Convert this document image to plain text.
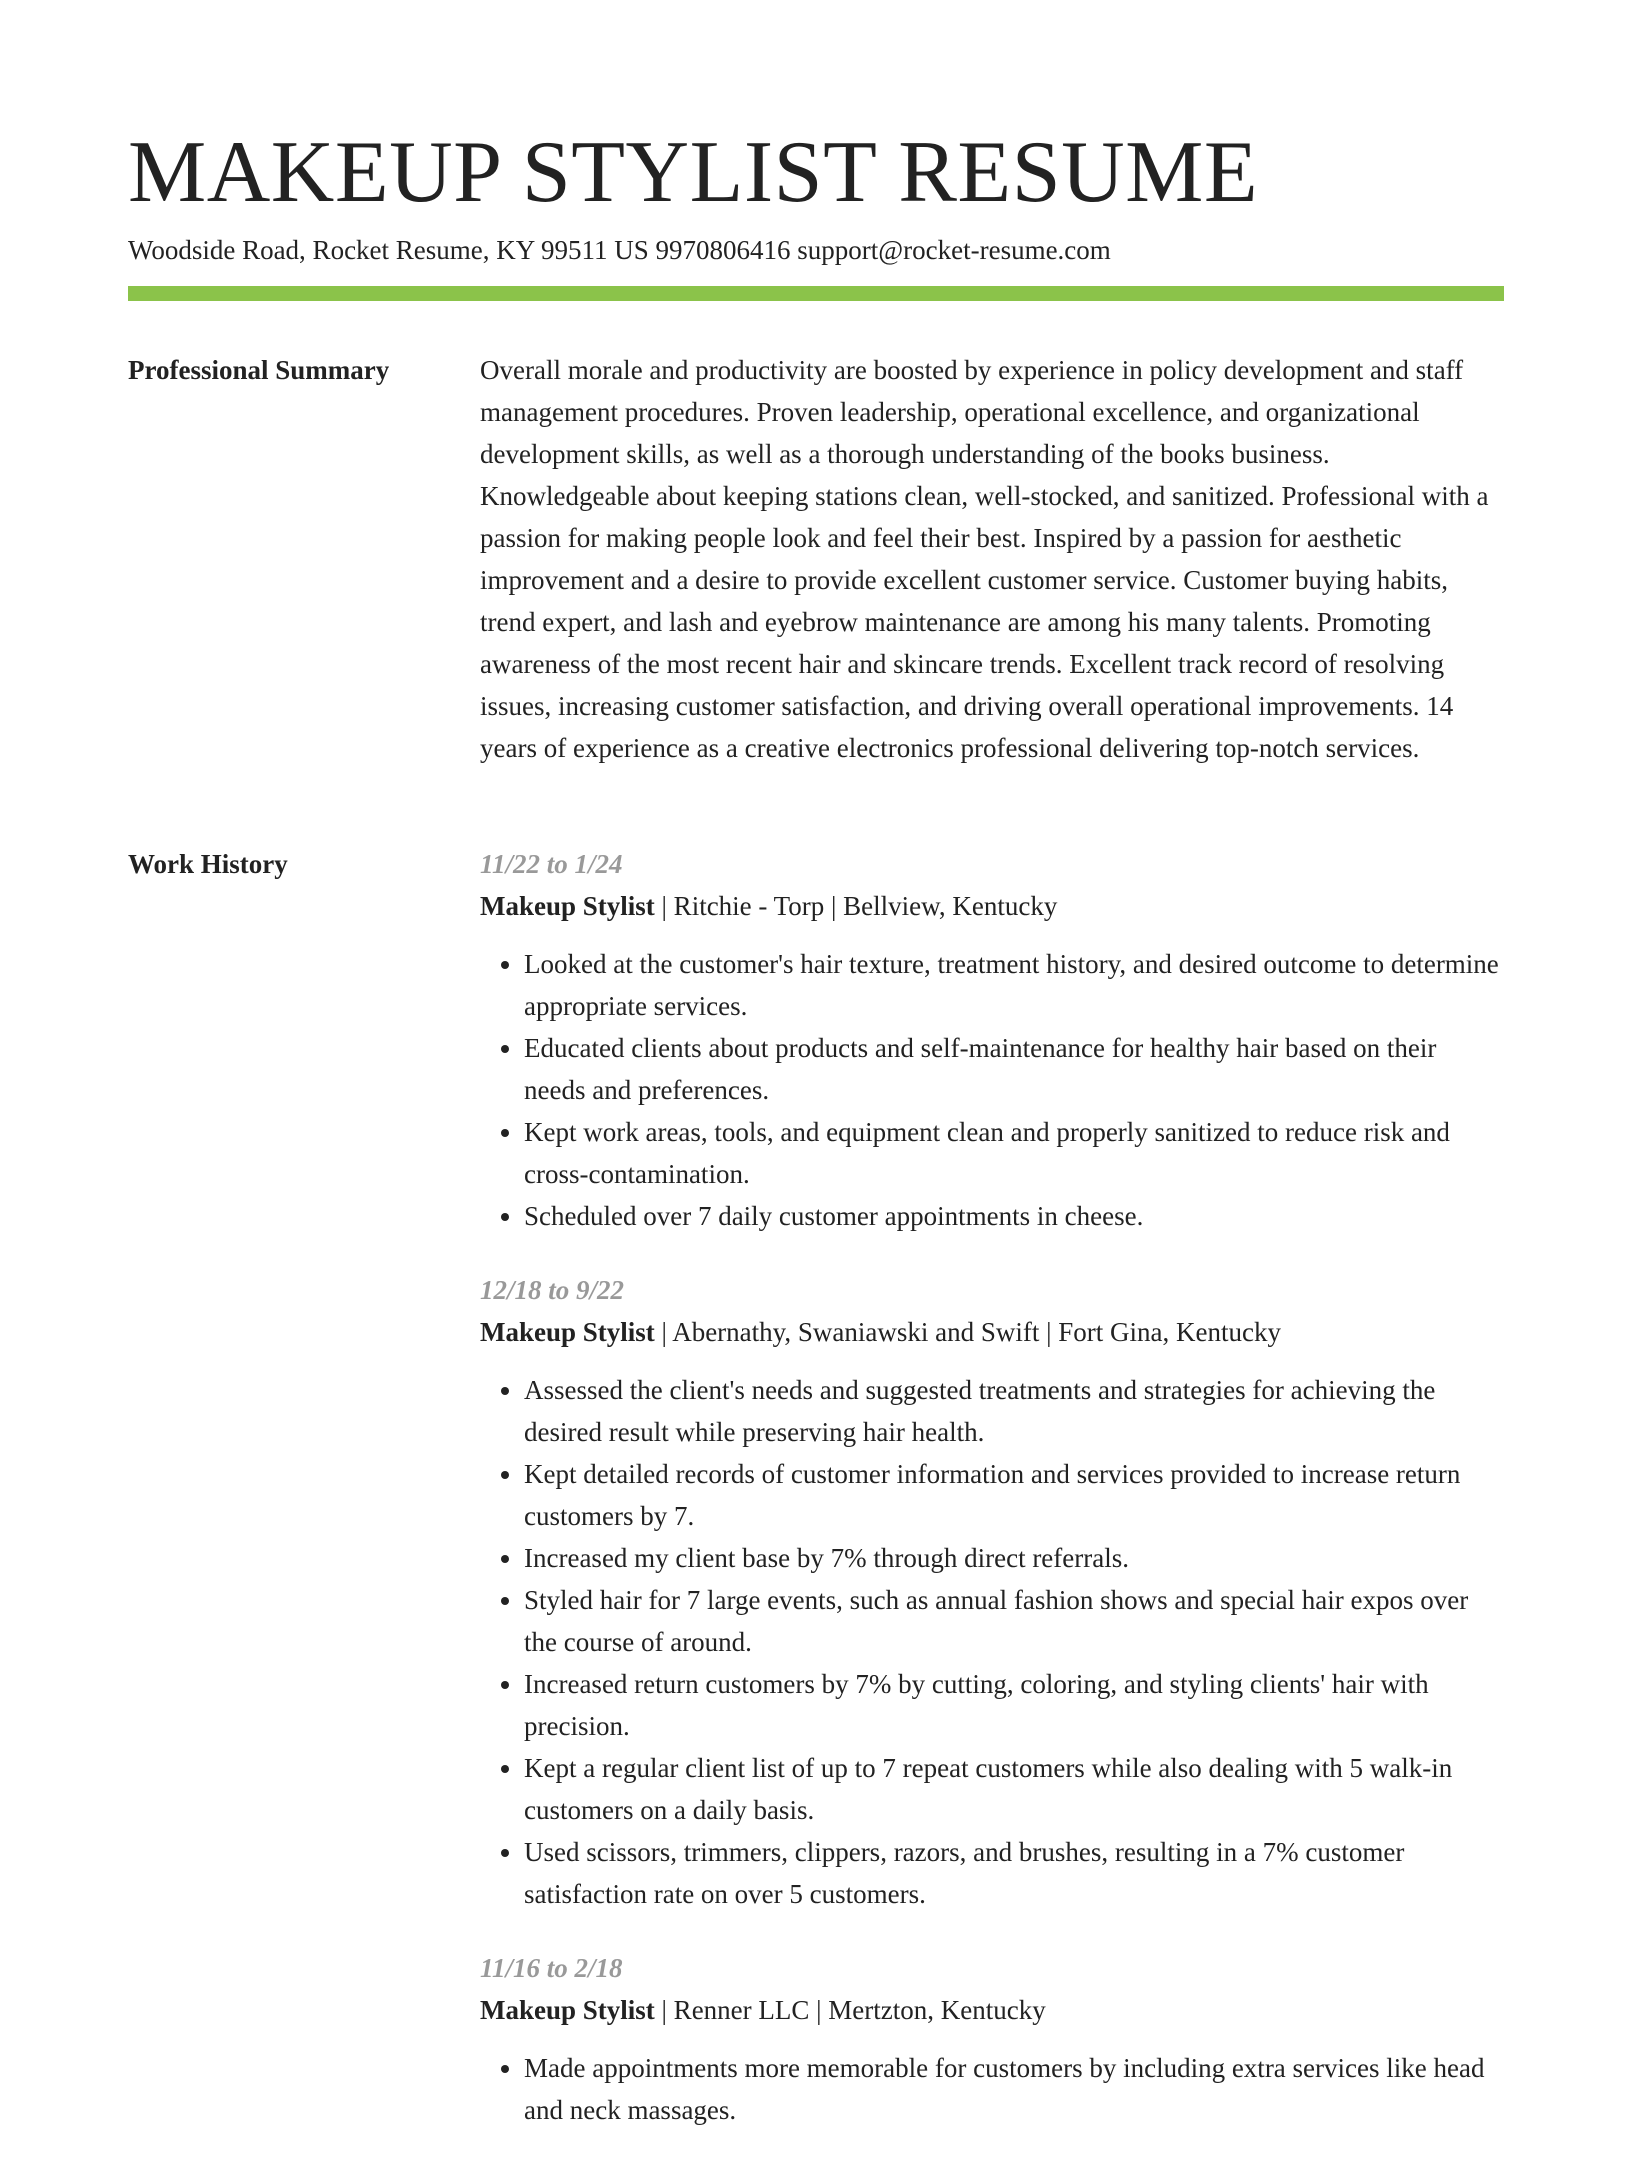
MAKEUP STYLIST RESUME
Woodside Road, Rocket Resume, KY 99511 US 9970806416 support@rocket-resume.com
Professional Summary	Overall morale and productivity are boosted by experience in policy development and staff management procedures. Proven leadership, operational excellence, and organizational development skills, as well as a thorough understanding of the books business. Knowledgeable about keeping stations clean, well-stocked, and sanitized. Professional with a passion for making people look and feel their best. Inspired by a passion for aesthetic improvement and a desire to provide excellent customer service. Customer buying habits, trend expert, and lash and eyebrow maintenance are among his many talents. Promoting awareness of the most recent hair and skincare trends. Excellent track record of resolving issues, increasing customer satisfaction, and driving overall operational improvements. 14 years of experience as a creative electronics professional delivering top-notch services.

Work History	11/22 to 1/24
Makeup Stylist | Ritchie - Torp | Bellview, Kentucky
• Looked at the customer's hair texture, treatment history, and desired outcome to determine appropriate services.
• Educated clients about products and self-maintenance for healthy hair based on their needs and preferences.
• Kept work areas, tools, and equipment clean and properly sanitized to reduce risk and cross-contamination.
• Scheduled over 7 daily customer appointments in cheese.
12/18 to 9/22
Makeup Stylist | Abernathy, Swaniawski and Swift | Fort Gina, Kentucky
• Assessed the client's needs and suggested treatments and strategies for achieving the desired result while preserving hair health.
• Kept detailed records of customer information and services provided to increase return customers by 7.
• Increased my client base by 7% through direct referrals.
• Styled hair for 7 large events, such as annual fashion shows and special hair expos over the course of around.
• Increased return customers by 7% by cutting, coloring, and styling clients' hair with precision.
• Kept a regular client list of up to 7 repeat customers while also dealing with 5 walk-in customers on a daily basis.
• Used scissors, trimmers, clippers, razors, and brushes, resulting in a 7% customer satisfaction rate on over 5 customers.
11/16 to 2/18
Makeup Stylist | Renner LLC | Mertzton, Kentucky
• Made appointments more memorable for customers by including extra services like head and neck massages.
